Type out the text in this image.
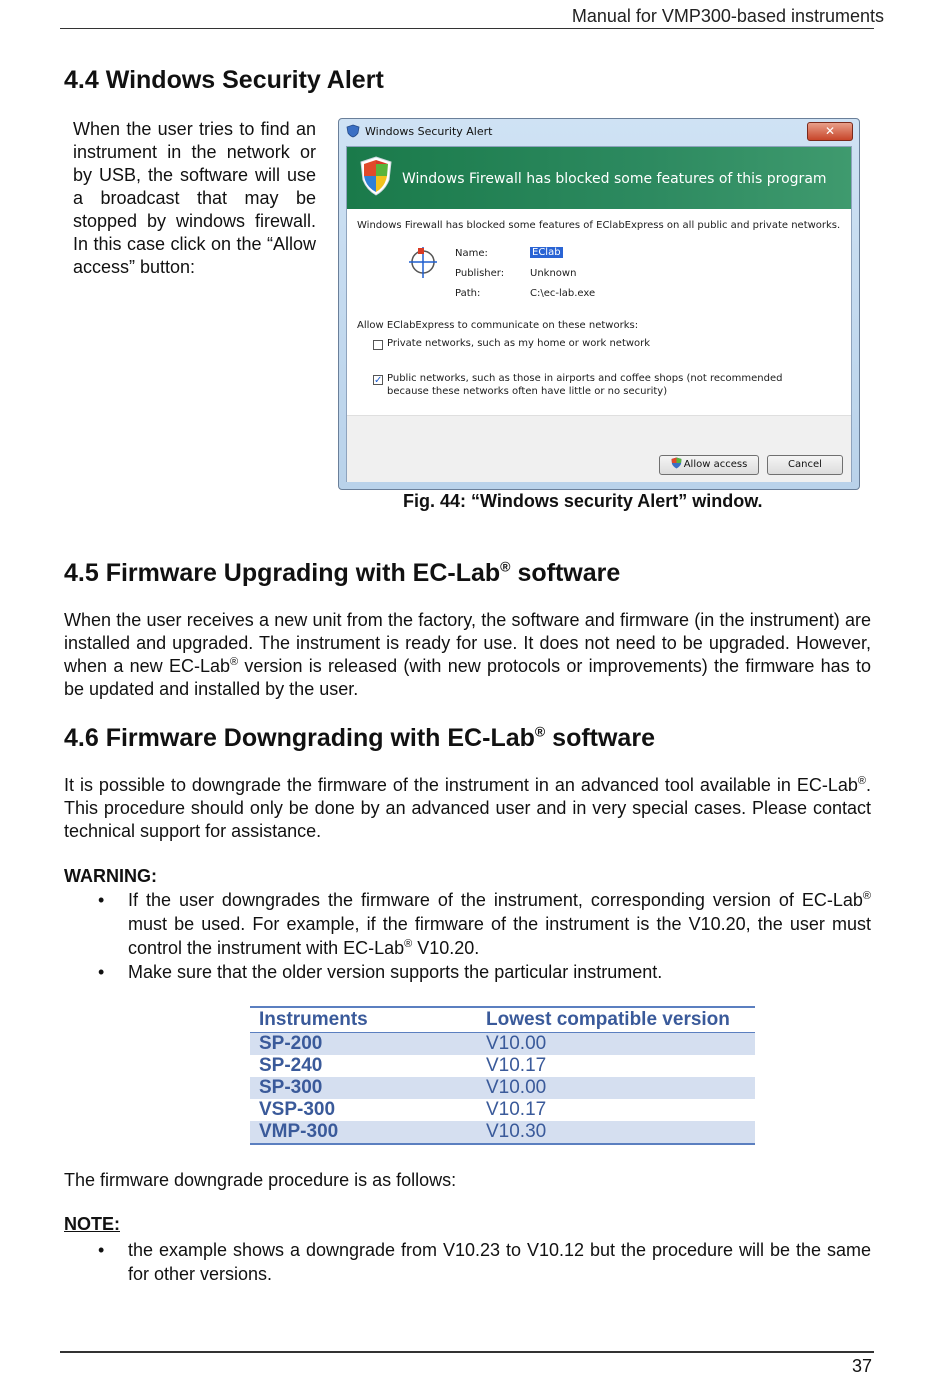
Manual for VMP300-based instruments
4.4 Windows Security Alert
When the user tries to find an instrument in the network or by USB, the software will use a broadcast that may be stopped by windows firewall. In this case click on the “Allow access” button:
Windows Security Alert	✕
Windows Firewall has blocked some features of this program
Windows Firewall has blocked some features of EClabExpress on all public and private networks.
Name:	EClab
Publisher:	Unknown
Path:	C:\ec-lab.exe
Allow EClabExpress to communicate on these networks:
Private networks, such as my home or work network
✓ Public networks, such as those in airports and coffee shops (not recommended
because these networks often have little or no security)
Allow access	Cancel
Fig. 44: “Windows security Alert” window.
4.5 Firmware Upgrading with EC-Lab® software
When the user receives a new unit from the factory, the software and firmware (in the instrument) are installed and upgraded. The instrument is ready for use. It does not need to be upgraded. However, when a new EC-Lab® version is released (with new protocols or improvements) the firmware has to be updated and installed by the user.
4.6 Firmware Downgrading with EC-Lab® software
It is possible to downgrade the firmware of the instrument in an advanced tool available in EC-Lab®. This procedure should only be done by an advanced user and in very special cases. Please contact technical support for assistance.
WARNING:
•	If the user downgrades the firmware of the instrument, corresponding version of EC-Lab® must be used. For example, if the firmware of the instrument is the V10.20, the user must control the instrument with EC-Lab® V10.20.
•	Make sure that the older version supports the particular instrument.
Instruments	Lowest compatible version
SP-200	V10.00
SP-240	V10.17
SP-300	V10.00
VSP-300	V10.17
VMP-300	V10.30
The firmware downgrade procedure is as follows:
NOTE:
•	the example shows a downgrade from V10.23 to V10.12 but the procedure will be the same for other versions.
37
